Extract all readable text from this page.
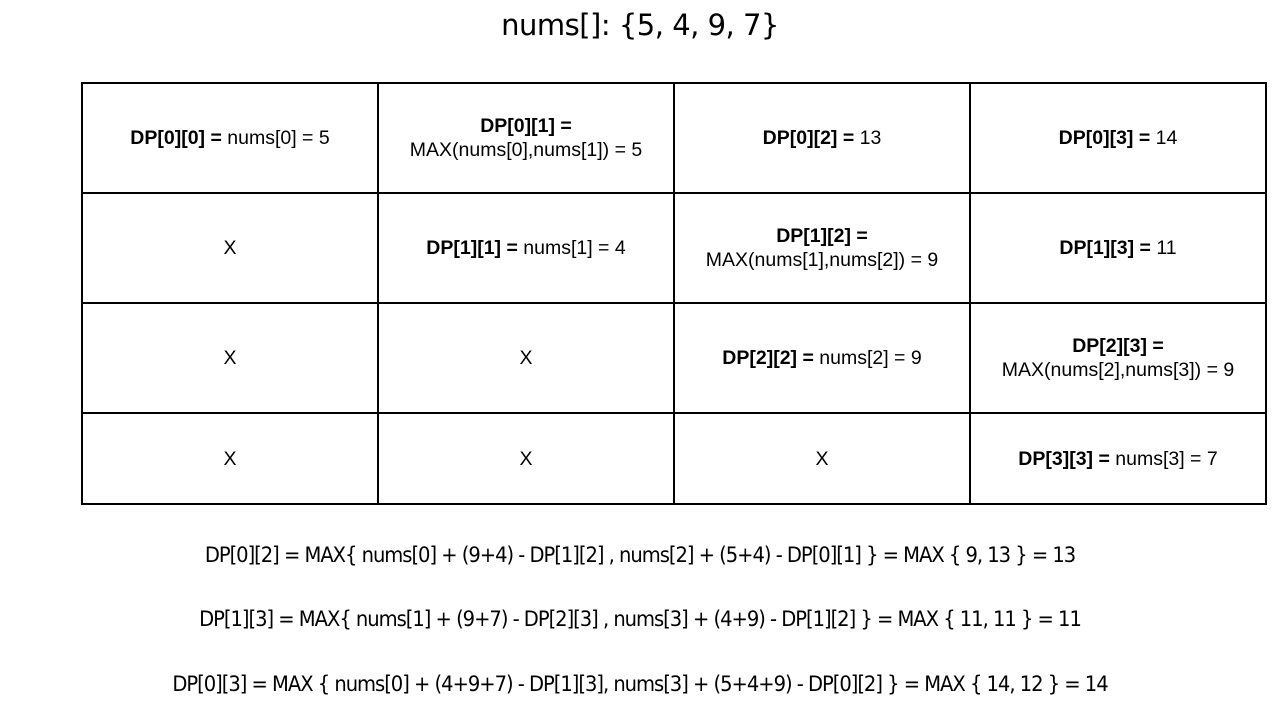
nums[]: {5, 4, 9, 7}
DP[0][0] = nums[0] = 5	DP[0][1] =
MAX(nums[0],nums[1]) = 5	DP[0][2] = 13	DP[0][3] = 14
X	DP[1][1] = nums[1] = 4	DP[1][2] =
MAX(nums[1],nums[2]) = 9	DP[1][3] = 11
X	X	DP[2][2] = nums[2] = 9	DP[2][3] =
MAX(nums[2],nums[3]) = 9
X	X	X	DP[3][3] = nums[3] = 7
DP[0][2] = MAX{ nums[0] + (9+4) - DP[1][2] , nums[2] + (5+4) - DP[0][1] } = MAX { 9, 13 } = 13
DP[1][3] = MAX{ nums[1] + (9+7) - DP[2][3] , nums[3] + (4+9) - DP[1][2] } = MAX { 11, 11 } = 11
DP[0][3] = MAX { nums[0] + (4+9+7) - DP[1][3], nums[3] + (5+4+9) - DP[0][2] } = MAX { 14, 12 } = 14
